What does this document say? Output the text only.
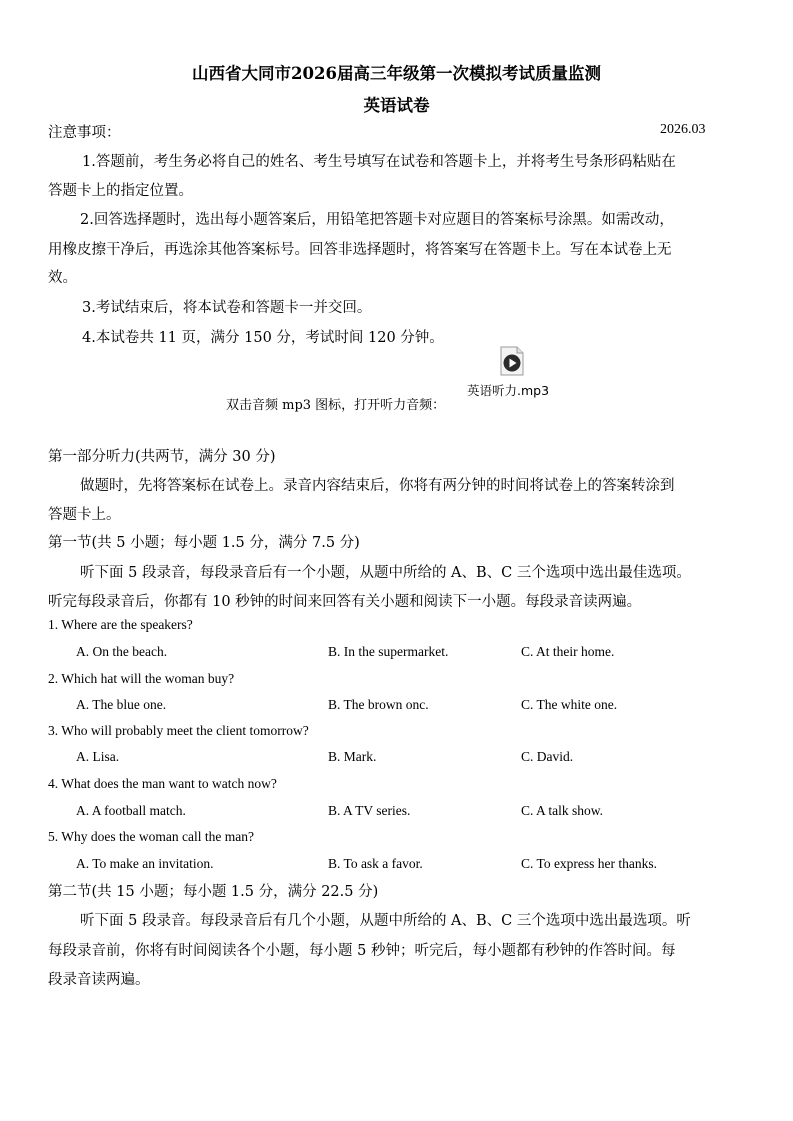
山西省大同市2026届高三年级第一次模拟考试质量监测
英语试卷
注意事项：	2026.03
1.答题前，考生务必将自己的姓名、考生号填写在试卷和答题卡上，并将考生号条形码粘贴在
答题卡上的指定位置。
2.回答选择题时，选出每小题答案后，用铅笔把答题卡对应题目的答案标号涂黑。如需改动，
用橡皮擦干净后，再选涂其他答案标号。回答非选择题时，将答案写在答题卡上。写在本试卷上无
效。
3.考试结束后，将本试卷和答题卡一并交回。
4.本试卷共 11 页，满分 150 分，考试时间 120 分钟。
双击音频 mp3 图标，打开听力音频：
英语听力.mp3
第一部分听力(共两节，满分 30 分)
做题时，先将答案标在试卷上。录音内容结束后，你将有两分钟的时间将试卷上的答案转涂到
答题卡上。
第一节(共 5 小题；每小题 1.5 分，满分 7.5 分)
听下面 5 段录音，每段录音后有一个小题，从题中所给的 A、B、C 三个选项中选出最佳选项。
听完每段录音后，你都有 10 秒钟的时间来回答有关小题和阅读下一小题。每段录音读两遍。
1. Where are the speakers?
A. On the beach.	B. In the supermarket.	C. At their home.
2. Which hat will the woman buy?
A. The blue one.	B. The brown onc.	C. The white one.
3. Who will probably meet the client tomorrow?
A. Lisa.	B. Mark.	C. David.
4. What does the man want to watch now?
A. A football match.	B. A TV series.	C. A talk show.
5. Why does the woman call the man?
A. To make an invitation.	B. To ask a favor.	C. To express her thanks.
第二节(共 15 小题；每小题 1.5 分，满分 22.5 分)
听下面 5 段录音。每段录音后有几个小题，从题中所给的 A、B、C 三个选项中选出最选项。听
每段录音前，你将有时间阅读各个小题，每小题 5 秒钟；听完后，每小题都有秒钟的作答时间。每
段录音读两遍。
